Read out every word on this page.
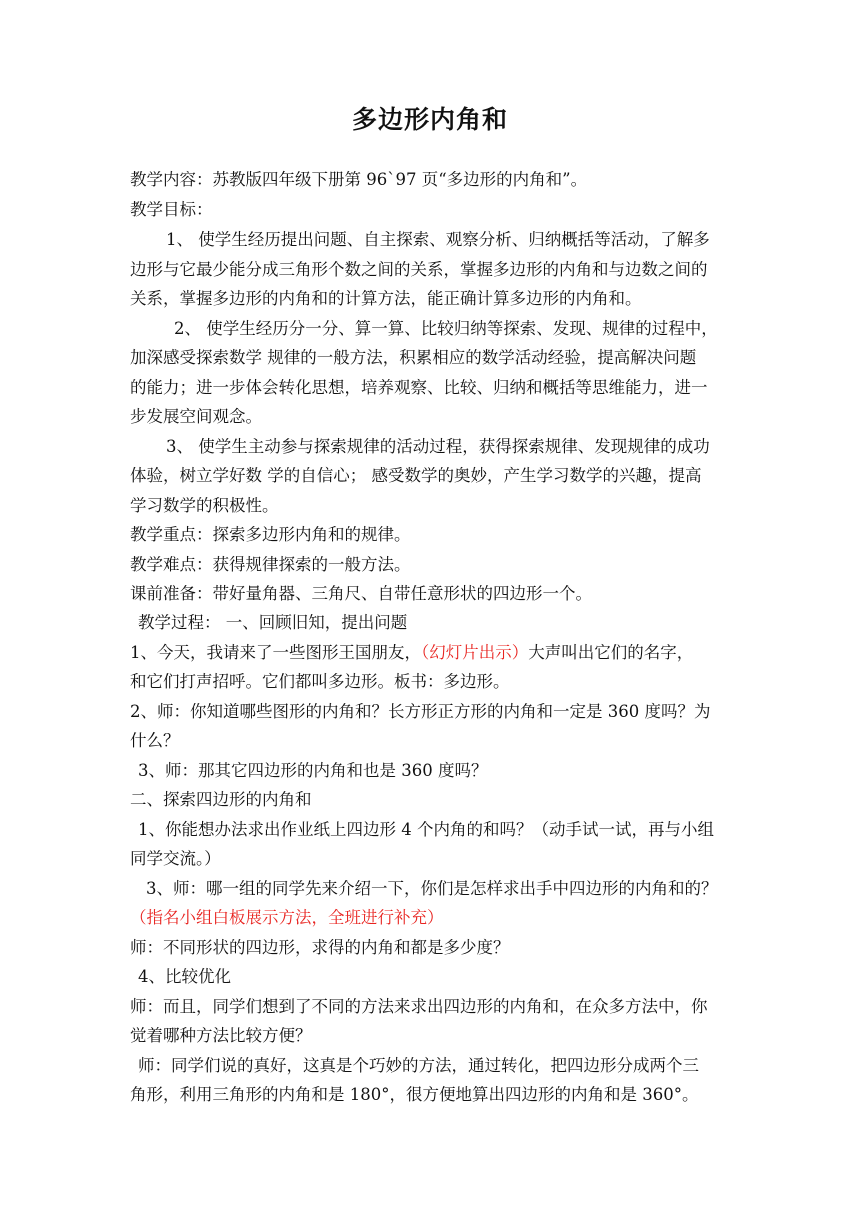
多边形内角和
教学内容：苏教版四年级下册第 96`97 页“多边形的内角和”。
教学目标：
1、 使学生经历提出问题、自主探索、观察分析、归纳概括等活动，了解多
边形与它最少能分成三角形个数之间的关系，掌握多边形的内角和与边数之间的
关系，掌握多边形的内角和的计算方法，能正确计算多边形的内角和。
2、 使学生经历分一分、算一算、比较归纳等探索、发现、规律的过程中，
加深感受探索数学 规律的一般方法，积累相应的数学活动经验，提高解决问题
的能力；进一步体会转化思想，培养观察、比较、归纳和概括等思维能力，进一
步发展空间观念。
3、 使学生主动参与探索规律的活动过程，获得探索规律、发现规律的成功
体验，树立学好数 学的自信心； 感受数学的奥妙，产生学习数学的兴趣，提高
学习数学的积极性。
教学重点：探索多边形内角和的规律。
教学难点：获得规律探索的一般方法。
课前准备：带好量角器、三角尺、自带任意形状的四边形一个。
教学过程： 一、回顾旧知，提出问题
1、今天，我请来了一些图形王国朋友，（幻灯片出示）大声叫出它们的名字，
和它们打声招呼。它们都叫多边形。板书：多边形。
2、师：你知道哪些图形的内角和？长方形正方形的内角和一定是 360 度吗？为
什么？
3、师：那其它四边形的内角和也是 360 度吗？
二、探索四边形的内角和
1、你能想办法求出作业纸上四边形 4 个内角的和吗？（动手试一试，再与小组
同学交流。）
3、师：哪一组的同学先来介绍一下，你们是怎样求出手中四边形的内角和的？
（指名小组白板展示方法，全班进行补充）
师：不同形状的四边形，求得的内角和都是多少度？
4、比较优化
师：而且，同学们想到了不同的方法来求出四边形的内角和，在众多方法中，你
觉着哪种方法比较方便？
师：同学们说的真好，这真是个巧妙的方法，通过转化，把四边形分成两个三
角形，利用三角形的内角和是 180°，很方便地算出四边形的内角和是 360°。
